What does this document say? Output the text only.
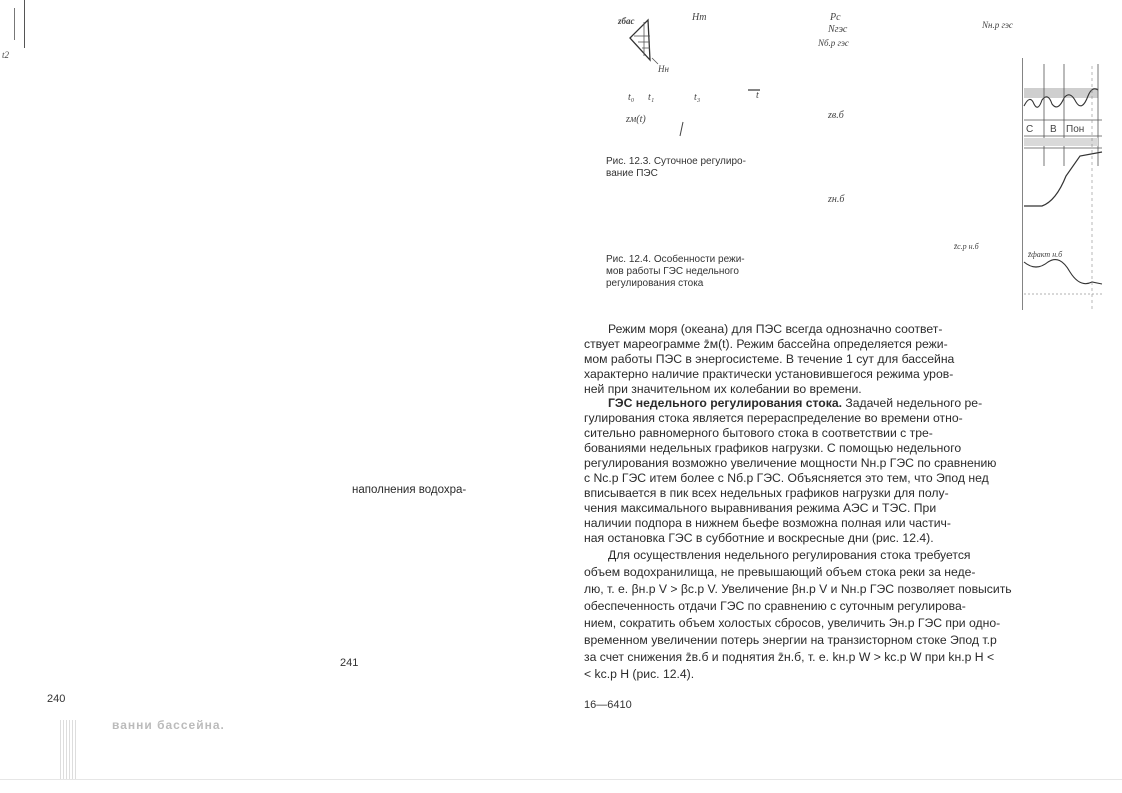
t2
наполнения водохра-
241
240
ванни бассейна.
zбас	Hт
Hн
t₀ t₁	t₃	t
zм(t)
Рис. 12.3. Суточное регулиро-
вание ПЭС
Pс
Nгэс
Nб.р гэс
Nн.р гэс
zв.б
zн.б
z̄с.р н.б
z̄факт н.б
С В Пон
Рис. 12.4. Особенности режи-
мов работы ГЭС недельного
регулирования стока
Режим моря (океана) для ПЭС всегда однозначно соответ-
ствует мареограмме z̄м(t). Режим бассейна определяется режи-
мом работы ПЭС в энергосистеме. В течение 1 сут для бассейна
характерно наличие практически установившегося режима уров-
ней при значительном их колебании во времени.
ГЭС недельного регулирования стока. Задачей недельного ре-
гулирования стока является перераспределение во времени отно-
сительно равномерного бытового стока в соответствии с тре-
бованиями недельных графиков нагрузки. С помощью недельного
регулирования возможно увеличение мощности Nн.р ГЭС по сравнению
с Nс.р ГЭС итем более с Nб.р ГЭС. Объясняется это тем, что Эпод нед
вписывается в пик всех недельных графиков нагрузки для полу-
чения максимального выравнивания режима АЭС и ТЭС. При
наличии подпора в нижнем бьефе возможна полная или частич-
ная остановка ГЭС в субботние и воскресные дни (рис. 12.4).
Для осуществления недельного регулирования стока требуется
объем водохранилища, не превышающий объем стока реки за неде-
лю, т. е. βн.р V > βс.р V. Увеличение βн.р V и Nн.р ГЭС позволяет повысить
обеспеченность отдачи ГЭС по сравнению с суточным регулирова-
нием, сократить объем холостых сбросов, увеличить Эн.р ГЭС при одно-
временном увеличении потерь энергии на транзисторном стоке Эпод т.р
за счет снижения z̄в.б и поднятия z̄н.б, т. е. kн.р W > kс.р W при kн.р H <
< kс.р H (рис. 12.4).
16—6410
